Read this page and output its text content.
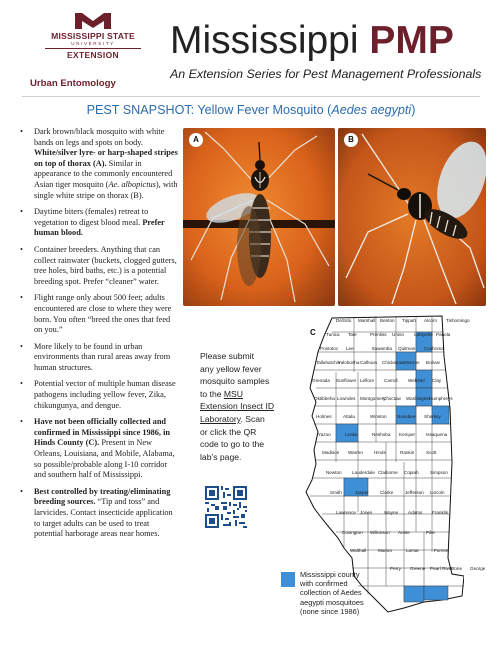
MISSISSIPPI STATE
UNIVERSITY
EXTENSION
Urban Entomology
Mississippi PMP
An Extension Series for Pest Management Professionals
PEST SNAPSHOT: Yellow Fever Mosquito (Aedes aegypti)
• Dark brown/black mosquito with white bands on legs and spots on body. White/silver lyre- or harp-shaped stripes on top of thorax (A). Similar in appearance to the commonly encountered Asian tiger mosquito (Ae. albopictus), with single white stripe on thorax (B).
• Daytime biters (females) retreat to vegetation to digest blood meal. Prefer human blood.
• Container breeders. Anything that can collect rainwater (buckets, clogged gutters, tree holes, bird baths, etc.) is a potential breeding spot. Prefer “cleaner” water.
• Flight range only about 500 feet; adults encountered are close to where they were born. You often “breed the ones that feed on you.”
• More likely to be found in urban environments than rural areas away from human structures.
• Potential vector of multiple human disease pathogens including yellow fever, Zika, chikungunya, and dengue.
• Have not been officially collected and confirmed in Mississippi since 1986, in Hinds County (C). Present in New Orleans, Louisiana, and Mobile, Alabama, so possible/probable along I-10 corridor and southern half of Mississippi.
• Best controlled by treating/eliminating breeding sources. “Tip and toss” and larvicides. Contact insecticide application to target adults can be used to treat potential harborage areas near homes.
A	B
Please submit
any yellow fever
mosquito samples
to the MSU
Extension Insect ID
Laboratory. Scan
or click the QR
code to go to the
lab’s page.
C
DeSoto Marshall Benton Tippah Alcorn Tishomingo
Tunica Tate	Prentiss Union Lafayette Panola
Pontotoc Lee	Itawamba Quitman Coahoma
Tallahatchie
Yalobusha Calhoun Chickasaw Monroe Bolivar
Grenada Sunflower Leflore Carroll Webster Clay
Oktibbeha Lowndes Montgomery
Choctaw Washington
Humphreys
Holmes Attala	Winston Noxubee Sharkey
Yazoo	Leake	Neshoba Kemper Issaquena
Madison Warren Hinds	Rankin	Scott
Newton Lauderdale Claiborne Copiah Simpson
Smith	Jasper Clarke	Jefferson Lincoln
Lawrence Jones	Wayne Adams Franklin
Covington Wilkinson Amite	Pike
Walthall	Marion	Lamar	Forrest
Perry Greene Pearl River
Stone George
Mississippi county
with confirmed
collection of Aedes
aegypti mosquitoes
(none since 1986)
